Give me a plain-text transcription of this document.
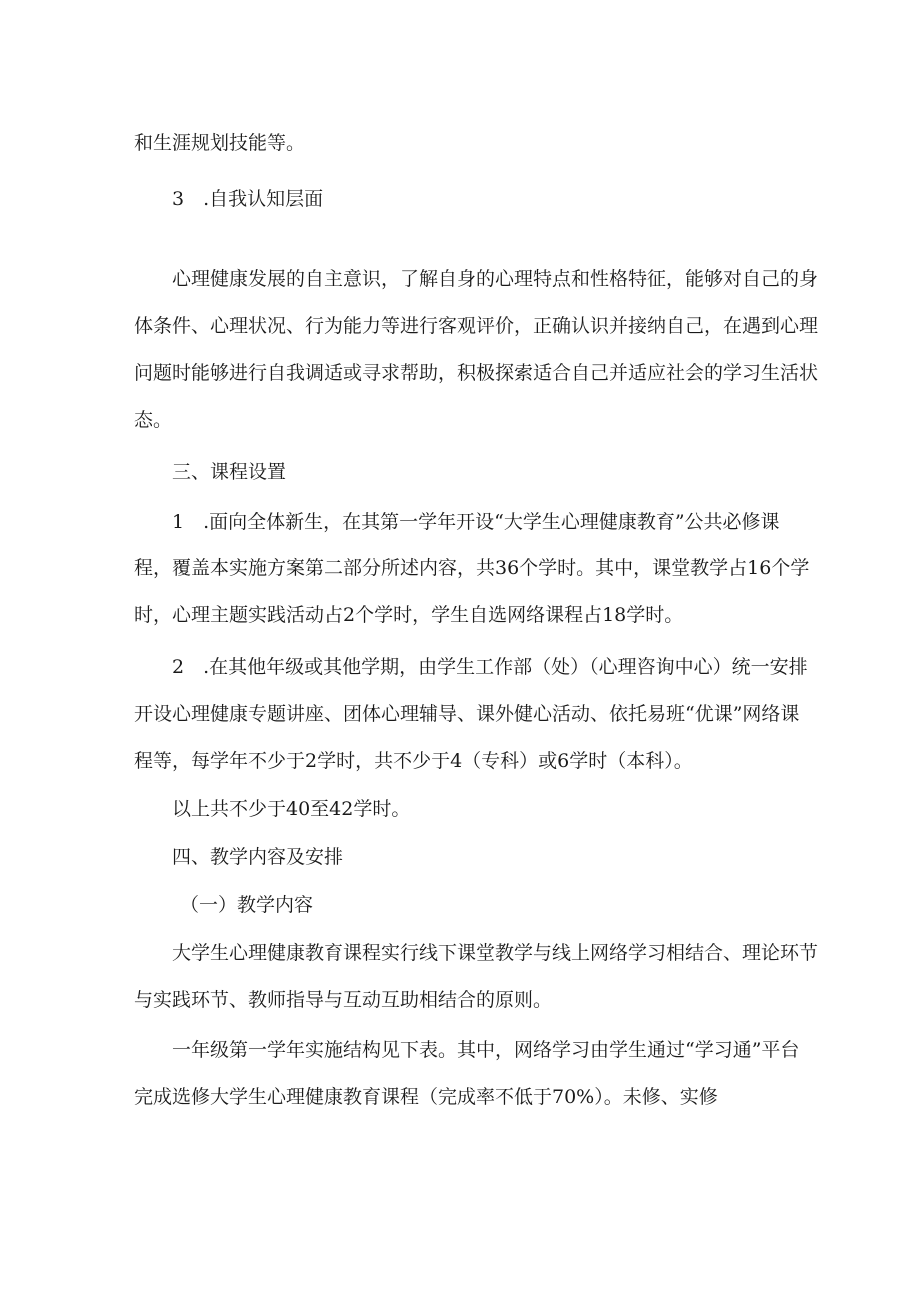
和生涯规划技能等。
3　.自我认知层面
心理健康发展的自主意识，了解自身的心理特点和性格特征，能够对自己的身
体条件、心理状况、行为能力等进行客观评价，正确认识并接纳自己，在遇到心理
问题时能够进行自我调适或寻求帮助，积极探索适合自己并适应社会的学习生活状
态。
三、课程设置
1　.面向全体新生，在其第一学年开设“大学生心理健康教育”公共必修课
程，覆盖本实施方案第二部分所述内容，共36个学时。其中，课堂教学占16个学
时，心理主题实践活动占2个学时，学生自选网络课程占18学时。
2　.在其他年级或其他学期，由学生工作部（处）（心理咨询中心）统一安排
开设心理健康专题讲座、团体心理辅导、课外健心活动、依托易班“优课”网络课
程等，每学年不少于2学时，共不少于4（专科）或6学时（本科）。
以上共不少于40至42学时。
四、教学内容及安排
（一）教学内容
大学生心理健康教育课程实行线下课堂教学与线上网络学习相结合、理论环节
与实践环节、教师指导与互动互助相结合的原则。
一年级第一学年实施结构见下表。其中，网络学习由学生通过“学习通”平台
完成选修大学生心理健康教育课程（完成率不低于70%）。未修、实修
